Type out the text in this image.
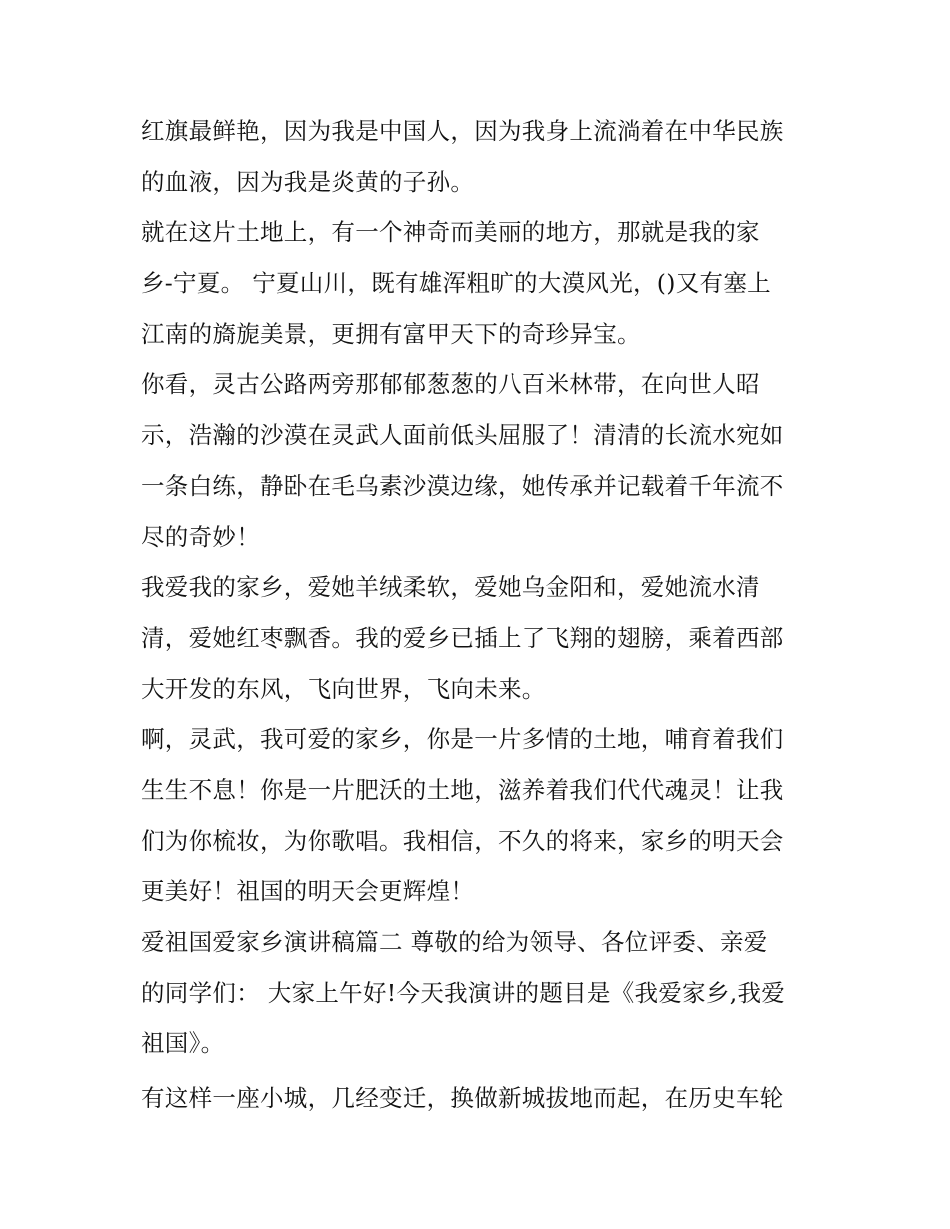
红旗最鲜艳，因为我是中国人，因为我身上流淌着在中华民族
的血液，因为我是炎黄的子孙。
就在这片土地上，有一个神奇而美丽的地方，那就是我的家
乡-宁夏。 宁夏山川，既有雄浑粗旷的大漠风光，()又有塞上
江南的旖旎美景，更拥有富甲天下的奇珍异宝。
你看，灵古公路两旁那郁郁葱葱的八百米林带，在向世人昭
示，浩瀚的沙漠在灵武人面前低头屈服了！清清的长流水宛如
一条白练，静卧在毛乌素沙漠边缘，她传承并记载着千年流不
尽的奇妙！
我爱我的家乡，爱她羊绒柔软，爱她乌金阳和，爱她流水清
清，爱她红枣飘香。我的爱乡已插上了飞翔的翅膀，乘着西部
大开发的东风，飞向世界，飞向未来。
啊，灵武，我可爱的家乡，你是一片多情的土地，哺育着我们
生生不息！你是一片肥沃的土地，滋养着我们代代魂灵！让我
们为你梳妆，为你歌唱。我相信，不久的将来，家乡的明天会
更美好！祖国的明天会更辉煌！
爱祖国爱家乡演讲稿篇二 尊敬的给为领导、各位评委、亲爱
的同学们： 大家上午好!今天我演讲的题目是《我爱家乡,我爱
祖国》。
有这样一座小城，几经变迁，换做新城拔地而起，在历史车轮
